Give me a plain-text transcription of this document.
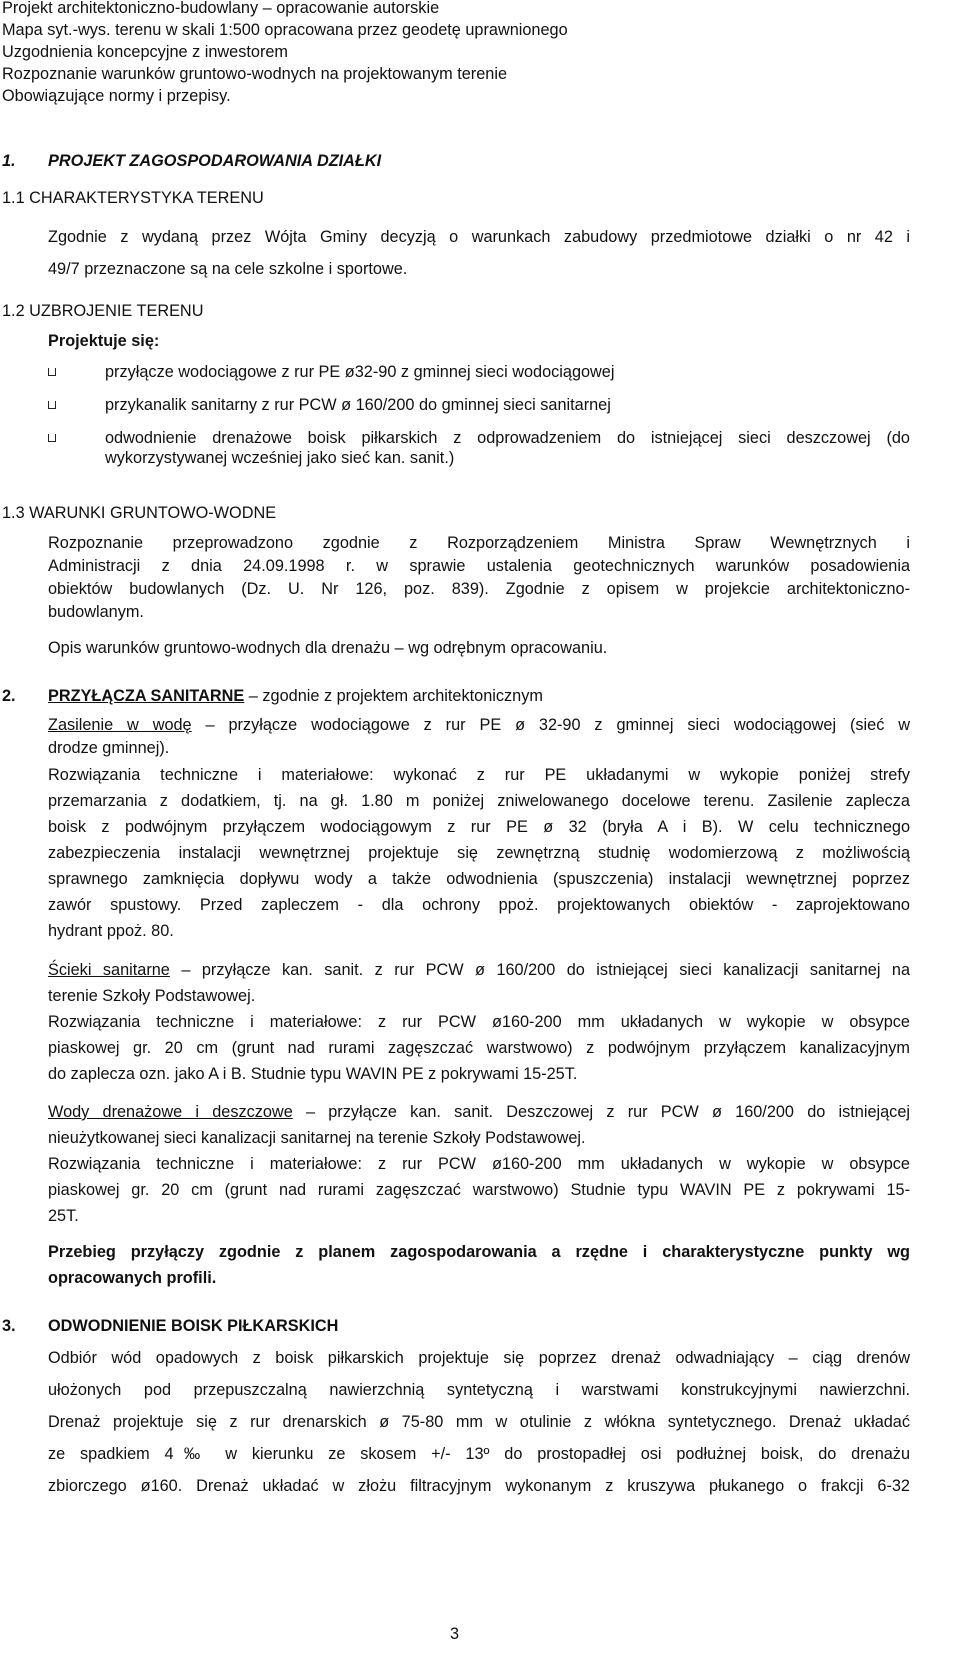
Projekt architektoniczno-budowlany – opracowanie autorskie
Mapa syt.-wys. terenu w skali 1:500 opracowana przez geodetę uprawnionego
Uzgodnienia koncepcyjne z inwestorem
Rozpoznanie warunków gruntowo-wodnych na projektowanym terenie
Obowiązujące normy i przepisy.
1. PROJEKT ZAGOSPODAROWANIA DZIAŁKI
1.1 CHARAKTERYSTYKA TERENU
Zgodnie z wydaną przez Wójta Gminy decyzją o warunkach zabudowy przedmiotowe działki o nr 42 i
49/7 przeznaczone są na cele szkolne i sportowe.
1.2 UZBROJENIE TERENU
Projektuje się:
przyłącze wodociągowe z rur PE ø32-90 z gminnej sieci wodociągowej
przykanalik sanitarny z rur PCW ø 160/200 do gminnej sieci sanitarnej
odwodnienie drenażowe boisk piłkarskich z odprowadzeniem do istniejącej sieci deszczowej (do
wykorzystywanej wcześniej jako sieć kan. sanit.)
1.3 WARUNKI GRUNTOWO-WODNE
Rozpoznanie przeprowadzono zgodnie z Rozporządzeniem Ministra Spraw Wewnętrznych i
Administracji z dnia 24.09.1998 r. w sprawie ustalenia geotechnicznych warunków posadowienia
obiektów budowlanych (Dz. U. Nr 126, poz. 839). Zgodnie z opisem w projekcie architektoniczno-
budowlanym.
Opis warunków gruntowo-wodnych dla drenażu – wg odrębnym opracowaniu.
2. PRZYŁĄCZA SANITARNE – zgodnie z projektem architektonicznym
Zasilenie w wodę – przyłącze wodociągowe z rur PE ø 32-90 z gminnej sieci wodociągowej (sieć w
drodze gminnej).
Rozwiązania techniczne i materiałowe: wykonać z rur PE układanymi w wykopie poniżej strefy
przemarzania z dodatkiem, tj. na gł. 1.80 m poniżej zniwelowanego docelowe terenu. Zasilenie zaplecza
boisk z podwójnym przyłączem wodociągowym z rur PE ø 32 (bryła A i B). W celu technicznego
zabezpieczenia instalacji wewnętrznej projektuje się zewnętrzną studnię wodomierzową z możliwością
sprawnego zamknięcia dopływu wody a także odwodnienia (spuszczenia) instalacji wewnętrznej poprzez
zawór spustowy. Przed zapleczem - dla ochrony ppoż. projektowanych obiektów - zaprojektowano
hydrant ppoż. 80.
Ścieki sanitarne – przyłącze kan. sanit. z rur PCW ø 160/200 do istniejącej sieci kanalizacji sanitarnej na
terenie Szkoły Podstawowej.
Rozwiązania techniczne i materiałowe: z rur PCW ø160-200 mm układanych w wykopie w obsypce
piaskowej gr. 20 cm (grunt nad rurami zagęszczać warstwowo) z podwójnym przyłączem kanalizacyjnym
do zaplecza ozn. jako A i B. Studnie typu WAVIN PE z pokrywami 15-25T.
Wody drenażowe i deszczowe – przyłącze kan. sanit. Deszczowej z rur PCW ø 160/200 do istniejącej
nieużytkowanej sieci kanalizacji sanitarnej na terenie Szkoły Podstawowej.
Rozwiązania techniczne i materiałowe: z rur PCW ø160-200 mm układanych w wykopie w obsypce
piaskowej gr. 20 cm (grunt nad rurami zagęszczać warstwowo) Studnie typu WAVIN PE z pokrywami 15-
25T.
Przebieg przyłączy zgodnie z planem zagospodarowania a rzędne i charakterystyczne punkty wg
opracowanych profili.
3. ODWODNIENIE BOISK PIŁKARSKICH
Odbiór wód opadowych z boisk piłkarskich projektuje się poprzez drenaż odwadniający – ciąg drenów
ułożonych pod przepuszczalną nawierzchnią syntetyczną i warstwami konstrukcyjnymi nawierzchni.
Drenaż projektuje się z rur drenarskich ø 75-80 mm w otulinie z włókna syntetycznego. Drenaż układać
ze spadkiem 4‰ w kierunku ze skosem +/- 13º do prostopadłej osi podłużnej boisk, do drenażu
zbiorczego ø160. Drenaż układać w złożu filtracyjnym wykonanym z kruszywa płukanego o frakcji 6-32
3
